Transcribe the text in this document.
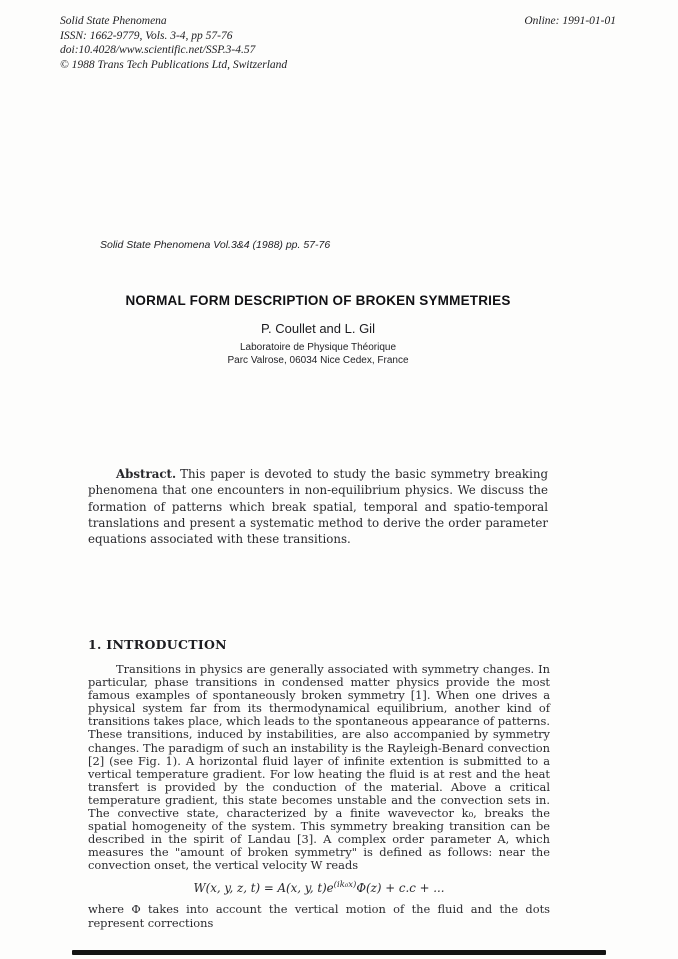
Solid State Phenomena
ISSN: 1662-9779, Vols. 3-4, pp 57-76
doi:10.4028/www.scientific.net/SSP.3-4.57
© 1988 Trans Tech Publications Ltd, Switzerland
Online: 1991-01-01
Solid State Phenomena Vol.3&4 (1988) pp. 57-76
NORMAL FORM DESCRIPTION OF BROKEN SYMMETRIES
P. Coullet and L. Gil
Laboratoire de Physique Théorique
Parc Valrose, 06034 Nice Cedex, France

Abstract. This paper is devoted to study the basic symmetry breaking phenomena that one encounters in non-equilibrium physics. We discuss the formation of patterns which break spatial, temporal and spatio-temporal translations and present a systematic method to derive the order parameter equations associated with these transitions.

1. INTRODUCTION

Transitions in physics are generally associated with symmetry changes. In particular, phase transitions in condensed matter physics provide the most famous examples of spontaneously broken symmetry [1]. When one drives a physical system far from its thermodynamical equilibrium, another kind of transitions takes place, which leads to the spontaneous appearance of patterns. These transitions, induced by instabilities, are also accompanied by symmetry changes. The paradigm of such an instability is the Rayleigh-Benard convection [2] (see Fig. 1). A horizontal fluid layer of infinite extention is submitted to a vertical temperature gradient. For low heating the fluid is at rest and the heat transfert is provided by the conduction of the material. Above a critical temperature gradient, this state becomes unstable and the convection sets in. The convective state, characterized by a finite wavevector k₀, breaks the spatial homogeneity of the system. This symmetry breaking transition can be described in the spirit of Landau [3]. A complex order parameter A, which measures the "amount of broken symmetry" is defined as follows: near the convection onset, the vertical velocity W reads

W(x, y, z, t) = A(x, y, $t)e^{(ik_0x)}\Phi(z) + c.c$ + ...

where Φ takes into account the vertical motion of the fluid and the dots represent corrections
